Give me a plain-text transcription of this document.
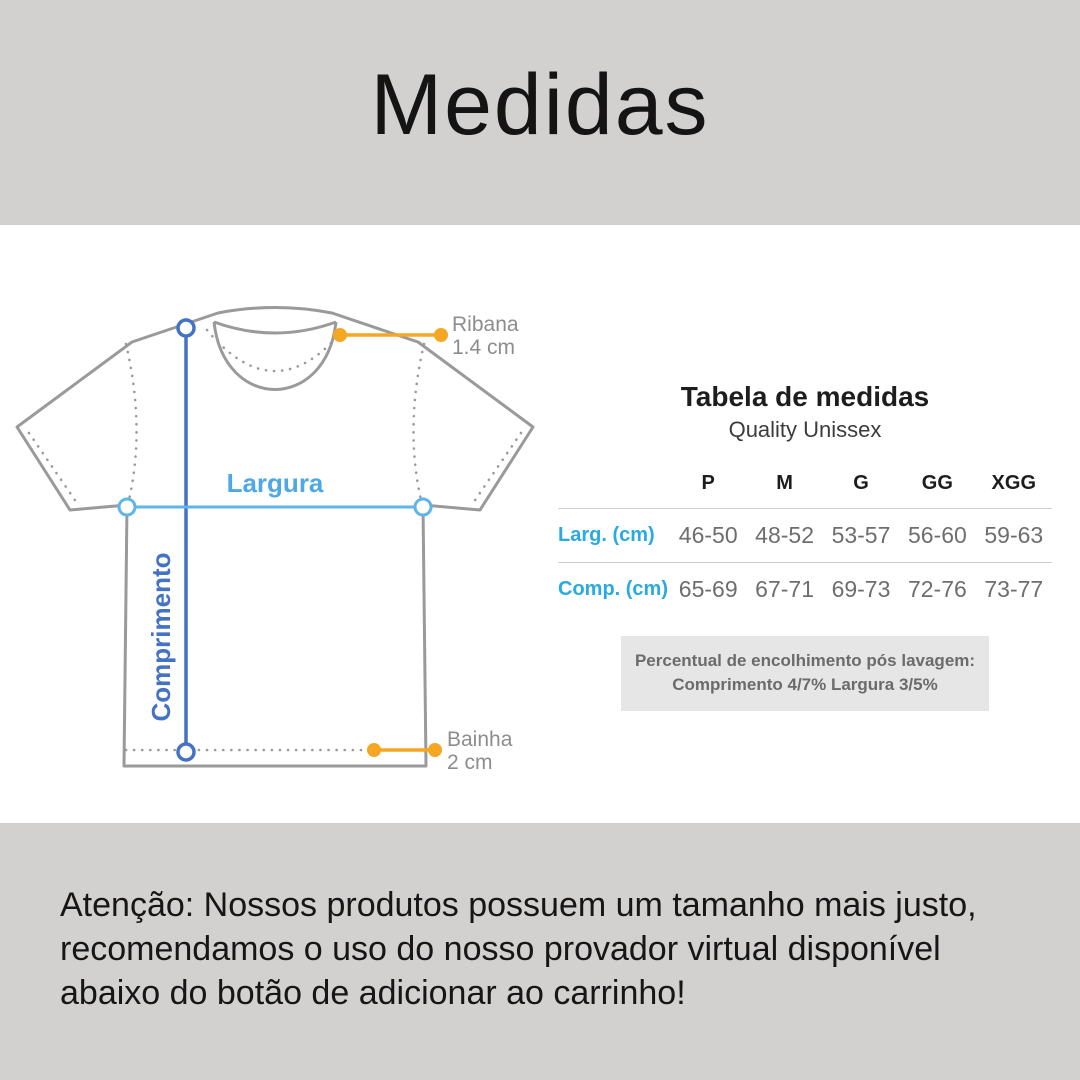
Medidas
Comprimento
Largura
Ribana
1.4 cm
Bainha
2 cm
Tabela de medidas
Quality Unissex
	P	M	G	GG	XGG
Larg. (cm)	46-50	48-52	53-57	56-60	59-63
Comp. (cm)	65-69	67-71	69-73	72-76	73-77
Percentual de encolhimento pós lavagem:
Comprimento 4/7% Largura 3/5%

Atenção: Nossos produtos possuem um tamanho mais justo, recomendamos o uso do nosso provador virtual disponível abaixo do botão de adicionar ao carrinho!
